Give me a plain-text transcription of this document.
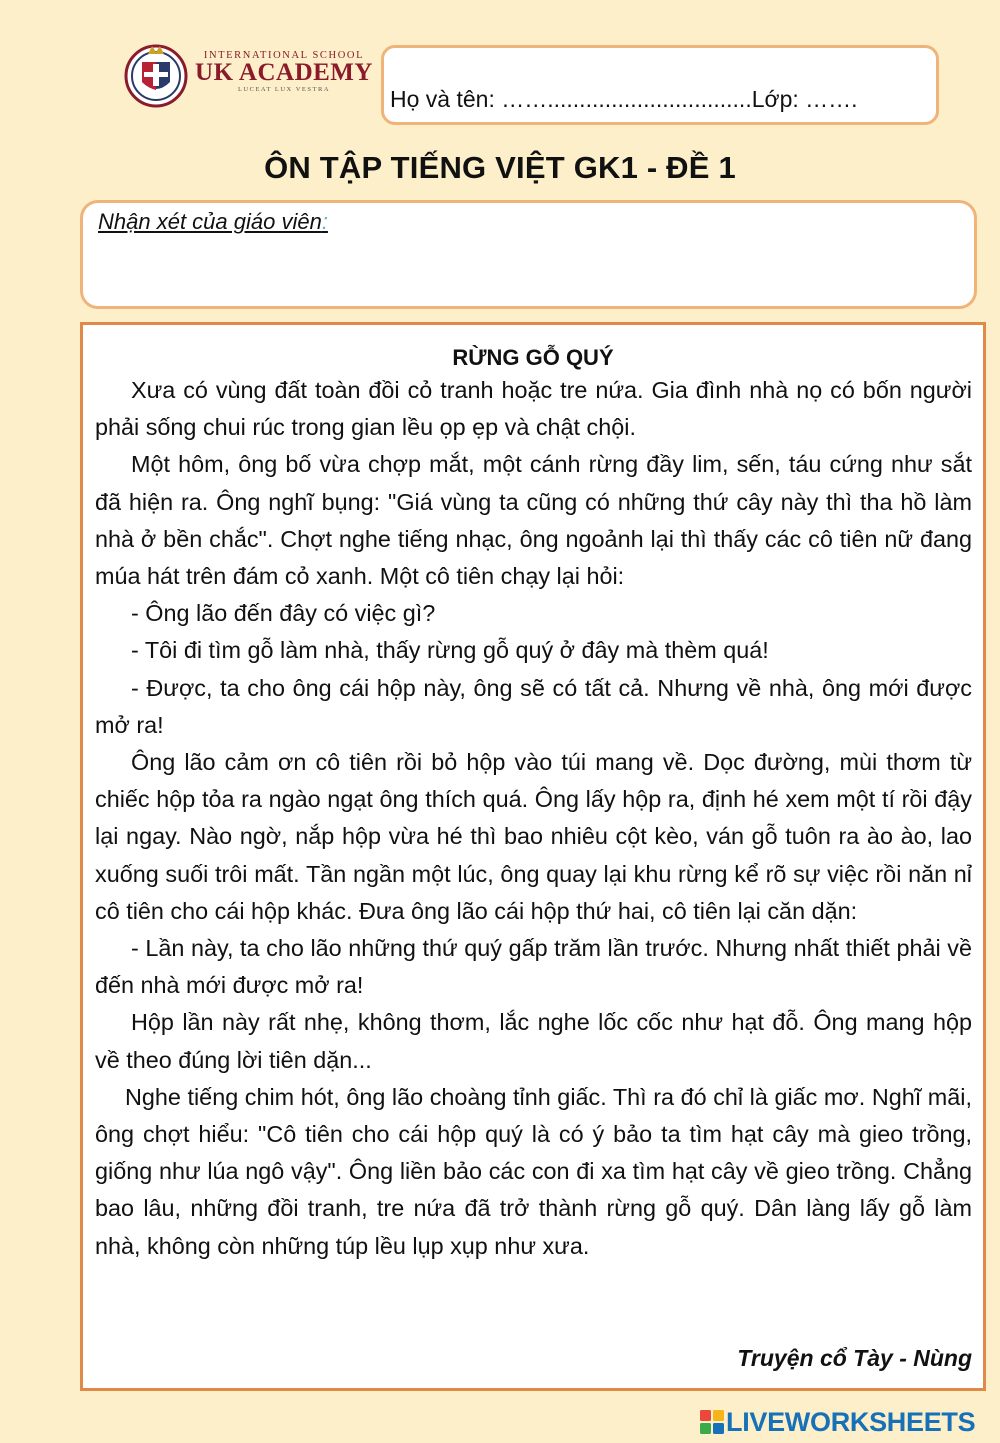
INTERNATIONAL SCHOOL
UK ACADEMY
LUCEAT LUX VESTRA	Họ và tên: ……................................Lớp: …….
ÔN TẬP TIẾNG VIỆT GK1 - ĐỀ 1
Nhận xét của giáo viên:
RỪNG GỖ QUÝ

Xưa có vùng đất toàn đồi cỏ tranh hoặc tre nứa. Gia đình nhà nọ có bốn người phải sống chui rúc trong gian lều ọp ẹp và chật chội.

Một hôm, ông bố vừa chợp mắt, một cánh rừng đầy lim, sến, táu cứng như sắt đã hiện ra. Ông nghĩ bụng: "Giá vùng ta cũng có những thứ cây này thì tha hồ làm nhà ở bền chắc". Chợt nghe tiếng nhạc, ông ngoảnh lại thì thấy các cô tiên nữ đang múa hát trên đám cỏ xanh. Một cô tiên chạy lại hỏi:

- Ông lão đến đây có việc gì?

- Tôi đi tìm gỗ làm nhà, thấy rừng gỗ quý ở đây mà thèm quá!

- Được, ta cho ông cái hộp này, ông sẽ có tất cả. Nhưng về nhà, ông mới được mở ra!

Ông lão cảm ơn cô tiên rồi bỏ hộp vào túi mang về. Dọc đường, mùi thơm từ chiếc hộp tỏa ra ngào ngạt ông thích quá. Ông lấy hộp ra, định hé xem một tí rồi đậy lại ngay. Nào ngờ, nắp hộp vừa hé thì bao nhiêu cột kèo, ván gỗ tuôn ra ào ào, lao xuống suối trôi mất. Tần ngần một lúc, ông quay lại khu rừng kể rõ sự việc rồi năn nỉ cô tiên cho cái hộp khác. Đưa ông lão cái hộp thứ hai, cô tiên lại căn dặn:

- Lần này, ta cho lão những thứ quý gấp trăm lần trước. Nhưng nhất thiết phải về đến nhà mới được mở ra!

Hộp lần này rất nhẹ, không thơm, lắc nghe lốc cốc như hạt đỗ. Ông mang hộp về theo đúng lời tiên dặn...

Nghe tiếng chim hót, ông lão choàng tỉnh giấc. Thì ra đó chỉ là giấc mơ. Nghĩ mãi, ông chợt hiểu: "Cô tiên cho cái hộp quý là có ý bảo ta tìm hạt cây mà gieo trồng, giống như lúa ngô vậy". Ông liền bảo các con đi xa tìm hạt cây về gieo trồng. Chẳng bao lâu, những đồi tranh, tre nứa đã trở thành rừng gỗ quý. Dân làng lấy gỗ làm nhà, không còn những túp lều lụp xụp như xưa.

Truyện cổ Tày - Nùng

LIVEWORKSHEETS
